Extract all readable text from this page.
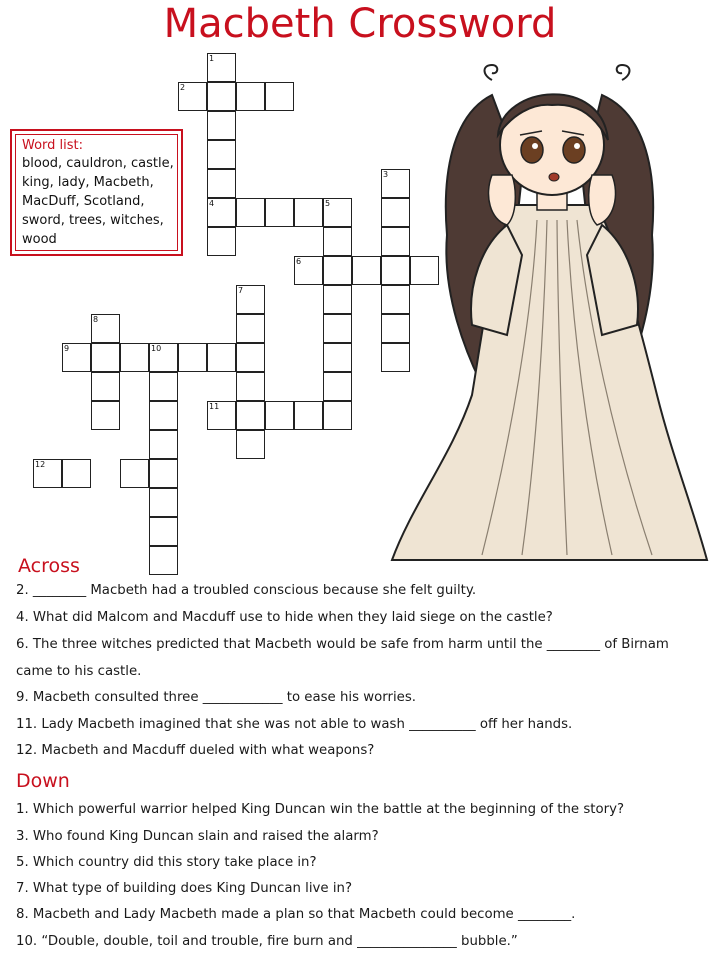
Macbeth Crossword
Word list:
blood, cauldron, castle, king, lady, Macbeth, MacDuff, Scotland, sword, trees, witches, wood
1
2
3
4	5
6
7
8
9	10
11
12
Across
2. ________ Macbeth had a troubled conscious because she felt guilty.
4. What did Malcom and Macduff use to hide when they laid siege on the castle?
6. The three witches predicted that Macbeth would be safe from harm until the ________ of Birnam
came to his castle.
9. Macbeth consulted three ____________ to ease his worries.
11. Lady Macbeth imagined that she was not able to wash __________ off her hands.
12. Macbeth and Macduff dueled with what weapons?
Down
1. Which powerful warrior helped King Duncan win the battle at the beginning of the story?
3. Who found King Duncan slain and raised the alarm?
5. Which country did this story take place in?
7. What type of building does King Duncan live in?
8. Macbeth and Lady Macbeth made a plan so that Macbeth could become ________.
10. “Double, double, toil and trouble, fire burn and _______________ bubble.”
